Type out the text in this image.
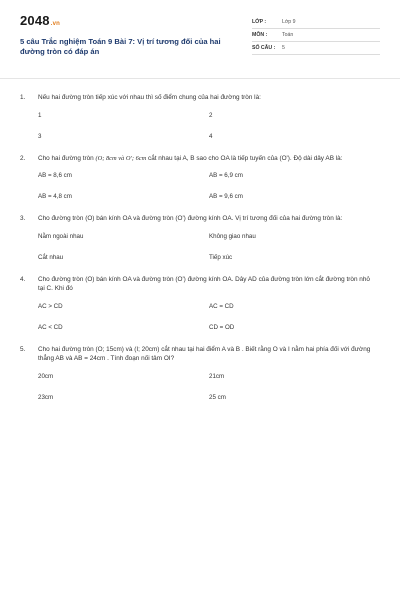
2048.vn
5 câu Trắc nghiệm Toán 9 Bài 7: Vị trí tương đối của hai đường tròn có đáp án
LỚP :	Lớp 9
MÔN :	Toán
SỐ CÂU :	5
1.	Nếu hai đường tròn tiếp xúc với nhau thì số điểm chung của hai đường tròn là:
1	2
3	4
2.	Cho hai đường tròn (O; 8cm và O′; 6cm cắt nhau tại A, B sao cho OA là tiếp tuyến của (O'). Độ dài dây AB là:
AB = 8,6 cm	AB = 6,9 cm
AB = 4,8 cm	AB = 9,6 cm
3.	Cho đường tròn (O) bán kính OA và đường tròn (O') đường kính OA. Vị trí tương đối của hai đường tròn là:
Nằm ngoài nhau	Không giao nhau
Cắt nhau	Tiếp xúc
4.	Cho đường tròn (O) bán kính OA và đường tròn (O') đường kính OA. Dây AD của đường tròn lớn cắt đường tròn nhỏ tại C. Khi đó
AC > CD	AC = CD
AC < CD	CD = OD
5.	Cho hai đường tròn (O; 15cm) và (I; 20cm) cắt nhau tại hai điểm A và B . Biết rằng O và I nằm hai phía đối với đường thẳng AB và AB = 24cm . Tính đoạn nối tâm OI?
20cm	21cm
23cm	25 cm
